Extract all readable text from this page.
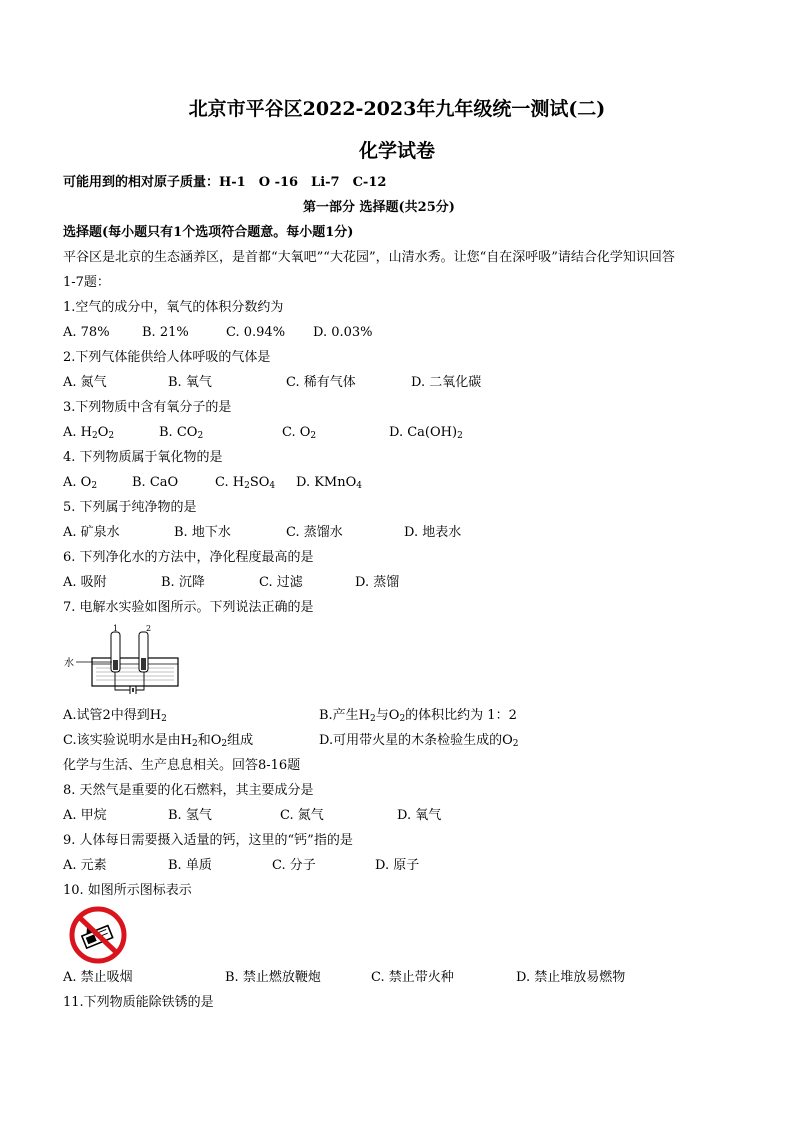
北京市平谷区2022-2023年九年级统一测试(二)
化学试卷
可能用到的相对原子质量：H-1　O -16　Li-7　C-12
第一部分 选择题(共25分)
选择题(每小题只有1个选项符合题意。每小题1分)
平谷区是北京的生态涵养区，是首都“大氧吧”“大花园”，山清水秀。让您“自在深呼吸”请结合化学知识回答
1-7题：
1.空气的成分中，氧气的体积分数约为
A. 78% B. 21%	C. 0.94% D. 0.03%
2.下列气体能供给人体呼吸的气体是
A. 氮气	B. 氧气	C. 稀有气体	D. 二氧化碳
3.下列物质中含有氧分子的是
A. $H_2O_2$	B. $CO_2$	C. $O_2$	D. $Ca(OH)_2$
4. 下列物质属于氧化物的是
A. $O_2$	B. CaO	C. $H_2SO_4$ D. KMnO$_4$
5. 下列属于纯净物的是
A. 矿泉水	B. 地下水	C. 蒸馏水	D. 地表水
6. 下列净化水的方法中，净化程度最高的是
A. 吸附	B. 沉降	C. 过滤	D. 蒸馏
7. 电解水实验如图所示。下列说法正确的是
水
1	2
A.试管2中得到$H_2$	B.产生$H_2$与$O_2$的体积比约为 1：2
C.该实验说明水是由$H_2$和$O_2$组成	D.可用带火星的木条检验生成的$O_2$
化学与生活、生产息息相关。回答8-16题
8. 天然气是重要的化石燃料，其主要成分是
A. 甲烷	B. 氢气	C. 氮气	D. 氧气
9. 人体每日需要摄入适量的钙，这里的“钙”指的是
A. 元素	B. 单质	C. 分子	D. 原子
10. 如图所示图标表示
A. 禁止吸烟	B. 禁止燃放鞭炮	C. 禁止带火种	D. 禁止堆放易燃物
11.下列物质能除铁锈的是
